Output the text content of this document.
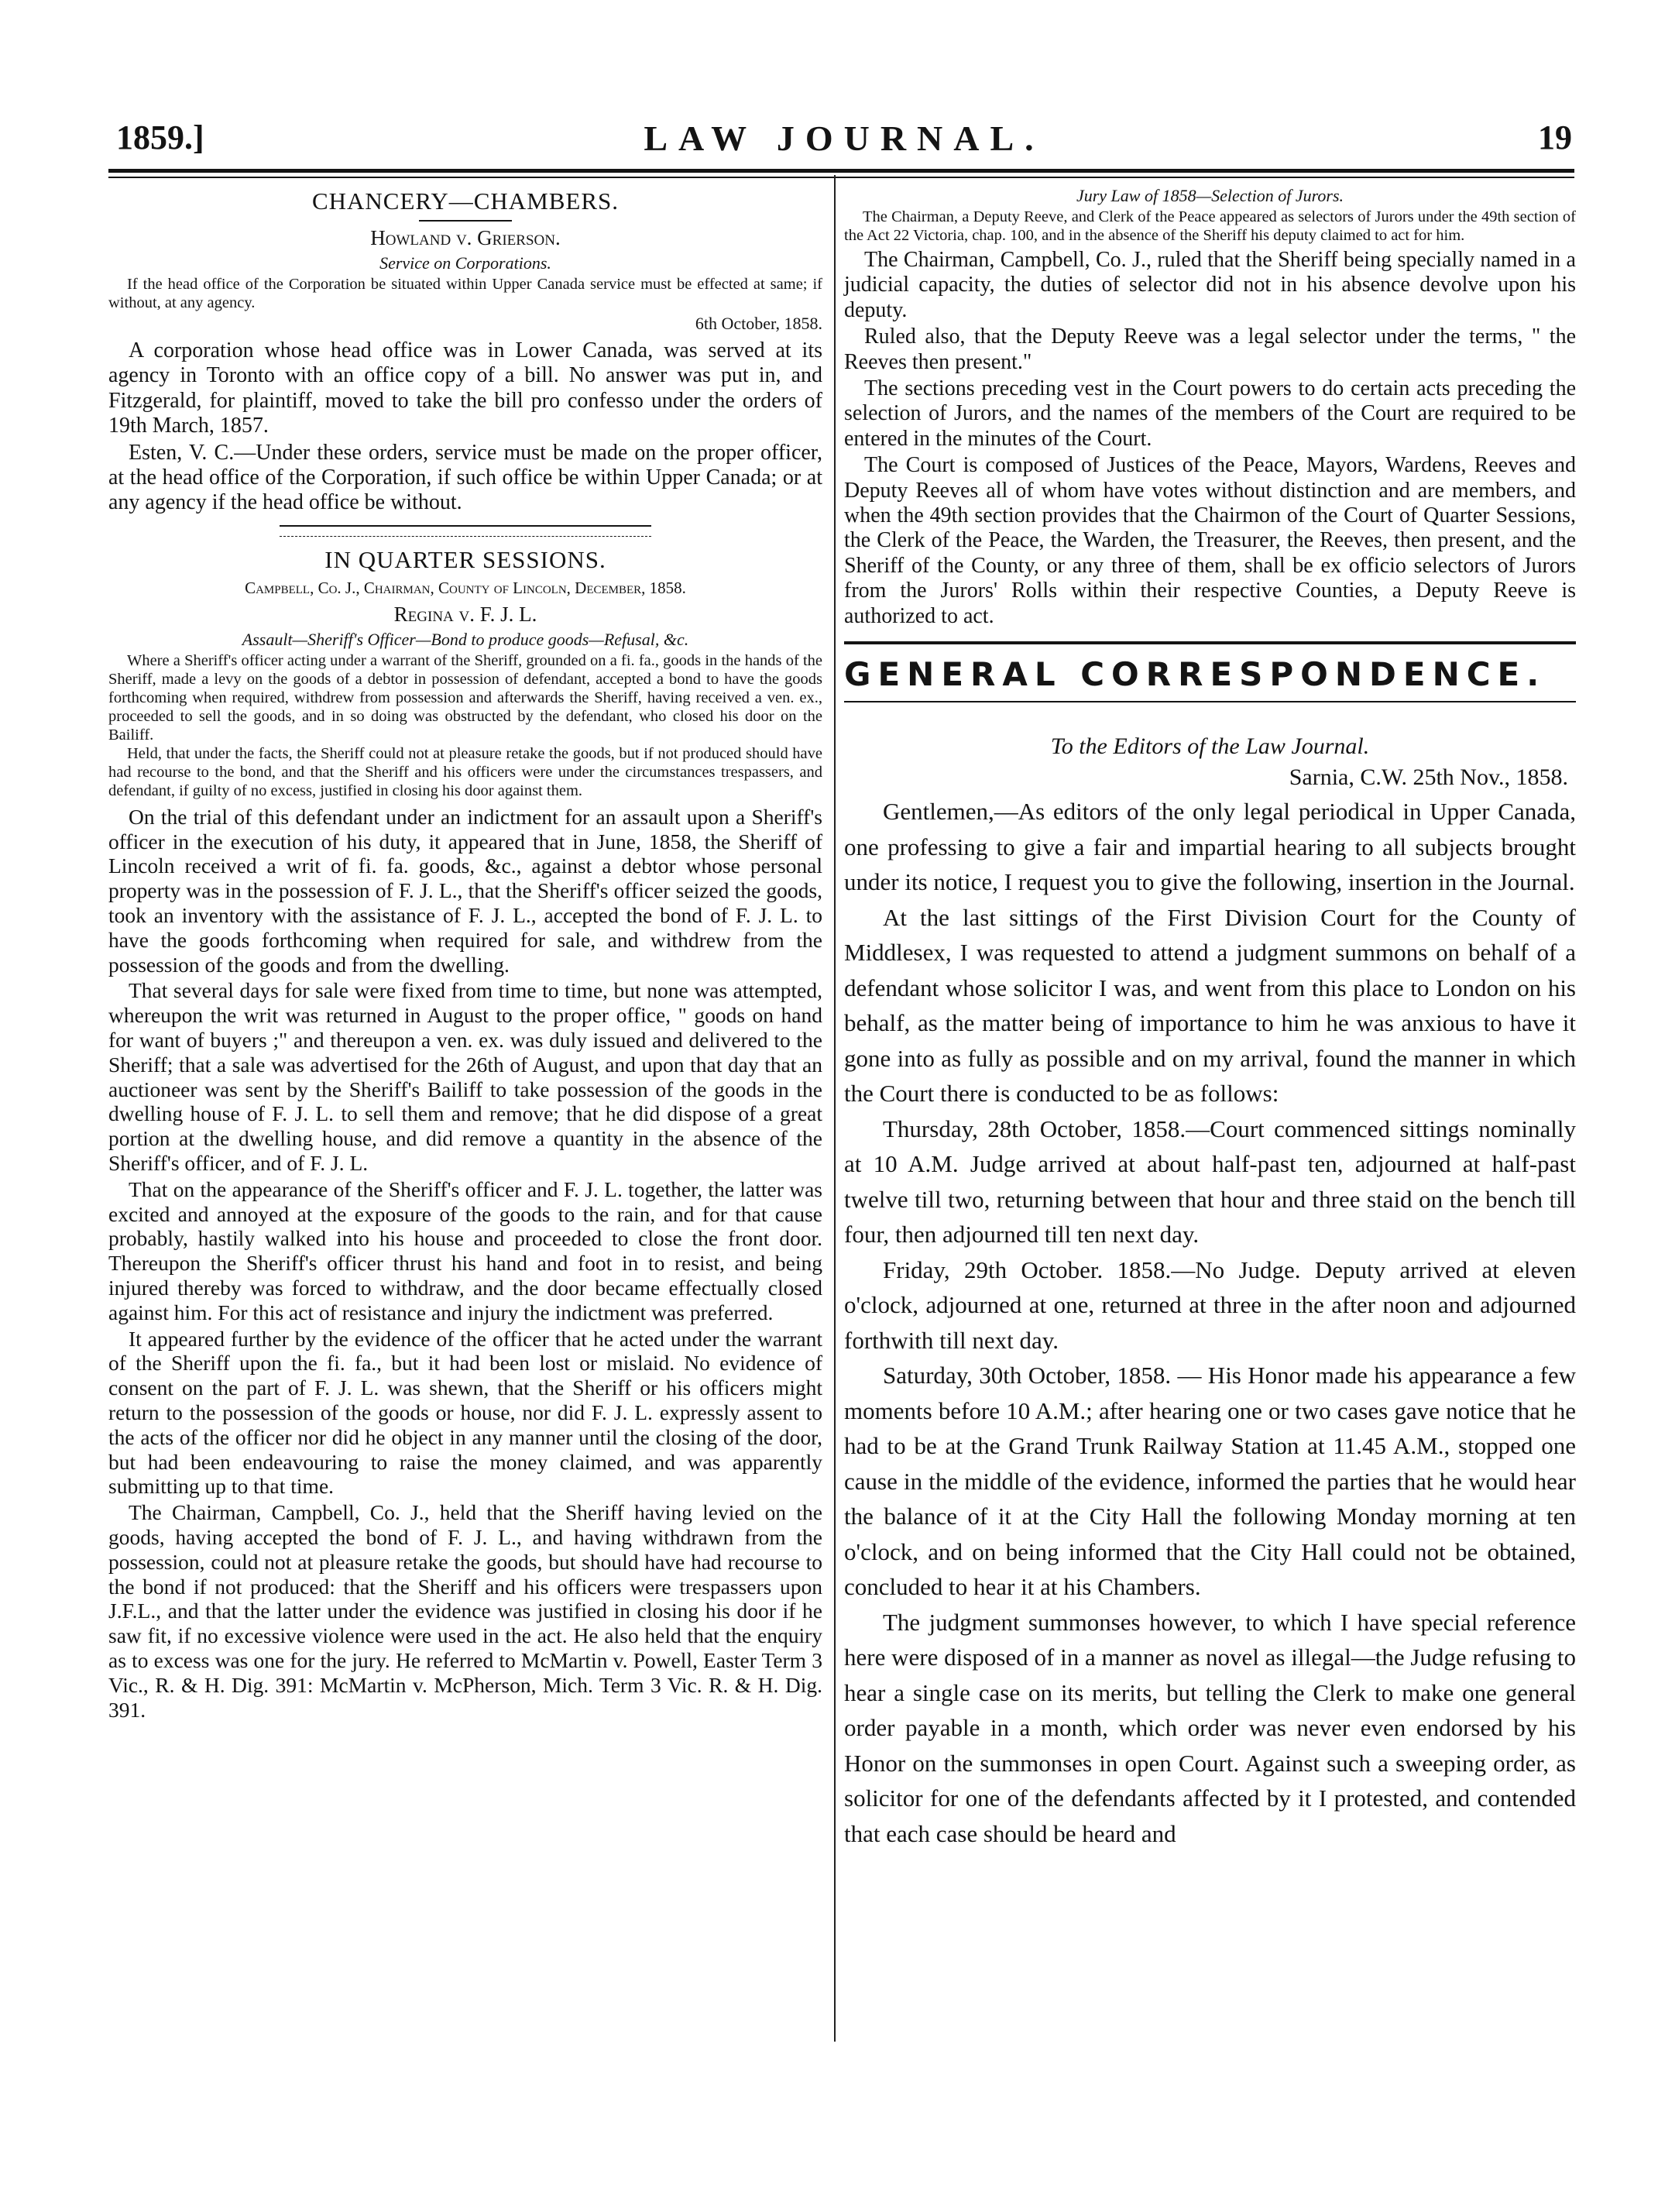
1859.]	LAW JOURNAL.	19
CHANCERY—CHAMBERS.
Howland v. Grierson.
Service on Corporations.

If the head office of the Corporation be situated within Upper Canada service must be effected at same; if without, at any agency.

6th October, 1858.

A corporation whose head office was in Lower Canada, was served at its agency in Toronto with an office copy of a bill. No answer was put in, and Fitzgerald, for plaintiff, moved to take the bill pro confesso under the orders of 19th March, 1857.

Esten, V. C.—Under these orders, service must be made on the proper officer, at the head office of the Corporation, if such office be within Upper Canada; or at any agency if the head office be without.

IN QUARTER SESSIONS.
Campbell, Co. J., Chairman, County of Lincoln, December, 1858.
Regina v. F. J. L.
Assault—Sheriff's Officer—Bond to produce goods—Refusal, &c.

Where a Sheriff's officer acting under a warrant of the Sheriff, grounded on a fi. fa., goods in the hands of the Sheriff, made a levy on the goods of a debtor in possession of defendant, accepted a bond to have the goods forthcoming when required, withdrew from possession and afterwards the Sheriff, having received a ven. ex., proceeded to sell the goods, and in so doing was obstructed by the defendant, who closed his door on the Bailiff.

Held, that under the facts, the Sheriff could not at pleasure retake the goods, but if not produced should have had recourse to the bond, and that the Sheriff and his officers were under the circumstances trespassers, and defendant, if guilty of no excess, justified in closing his door against them.

On the trial of this defendant under an indictment for an assault upon a Sheriff's officer in the execution of his duty, it appeared that in June, 1858, the Sheriff of Lincoln received a writ of fi. fa. goods, &c., against a debtor whose personal property was in the possession of F. J. L., that the Sheriff's officer seized the goods, took an inventory with the assistance of F. J. L., accepted the bond of F. J. L. to have the goods forthcoming when required for sale, and withdrew from the possession of the goods and from the dwelling.

That several days for sale were fixed from time to time, but none was attempted, whereupon the writ was returned in August to the proper office, " goods on hand for want of buyers ;" and thereupon a ven. ex. was duly issued and delivered to the Sheriff; that a sale was advertised for the 26th of August, and upon that day that an auctioneer was sent by the Sheriff's Bailiff to take possession of the goods in the dwelling house of F. J. L. to sell them and remove; that he did dispose of a great portion at the dwelling house, and did remove a quantity in the absence of the Sheriff's officer, and of F. J. L.

That on the appearance of the Sheriff's officer and F. J. L. together, the latter was excited and annoyed at the exposure of the goods to the rain, and for that cause probably, hastily walked into his house and proceeded to close the front door. Thereupon the Sheriff's officer thrust his hand and foot in to resist, and being injured thereby was forced to withdraw, and the door became effectually closed against him. For this act of resistance and injury the indictment was preferred.

It appeared further by the evidence of the officer that he acted under the warrant of the Sheriff upon the fi. fa., but it had been lost or mislaid. No evidence of consent on the part of F. J. L. was shewn, that the Sheriff or his officers might return to the possession of the goods or house, nor did F. J. L. expressly assent to the acts of the officer nor did he object in any manner until the closing of the door, but had been endeavouring to raise the money claimed, and was apparently submitting up to that time.

The Chairman, Campbell, Co. J., held that the Sheriff having levied on the goods, having accepted the bond of F. J. L., and having withdrawn from the possession, could not at pleasure retake the goods, but should have had recourse to the bond if not produced: that the Sheriff and his officers were trespassers upon J.F.L., and that the latter under the evidence was justified in closing his door if he saw fit, if no excessive violence were used in the act. He also held that the enquiry as to excess was one for the jury. He referred to McMartin v. Powell, Easter Term 3 Vic., R. & H. Dig. 391: McMartin v. McPherson, Mich. Term 3 Vic. R. & H. Dig. 391.

Jury Law of 1858—Selection of Jurors.

The Chairman, a Deputy Reeve, and Clerk of the Peace appeared as selectors of Jurors under the 49th section of the Act 22 Victoria, chap. 100, and in the absence of the Sheriff his deputy claimed to act for him.

The Chairman, Campbell, Co. J., ruled that the Sheriff being specially named in a judicial capacity, the duties of selector did not in his absence devolve upon his deputy.

Ruled also, that the Deputy Reeve was a legal selector under the terms, " the Reeves then present."

The sections preceding vest in the Court powers to do certain acts preceding the selection of Jurors, and the names of the members of the Court are required to be entered in the minutes of the Court.

The Court is composed of Justices of the Peace, Mayors, Wardens, Reeves and Deputy Reeves all of whom have votes without distinction and are members, and when the 49th section provides that the Chairmon of the Court of Quarter Sessions, the Clerk of the Peace, the Warden, the Treasurer, the Reeves, then present, and the Sheriff of the County, or any three of them, shall be ex officio selectors of Jurors from the Jurors' Rolls within their respective Counties, a Deputy Reeve is authorized to act.

GENERAL CORRESPONDENCE.
To the Editors of the Law Journal.
Sarnia, C.W. 25th Nov., 1858.

Gentlemen,—As editors of the only legal periodical in Upper Canada, one professing to give a fair and impartial hearing to all subjects brought under its notice, I request you to give the following, insertion in the Journal.

At the last sittings of the First Division Court for the County of Middlesex, I was requested to attend a judgment summons on behalf of a defendant whose solicitor I was, and went from this place to London on his behalf, as the matter being of importance to him he was anxious to have it gone into as fully as possible and on my arrival, found the manner in which the Court there is conducted to be as follows:

Thursday, 28th October, 1858.—Court commenced sittings nominally at 10 A.M. Judge arrived at about half-past ten, adjourned at half-past twelve till two, returning between that hour and three staid on the bench till four, then adjourned till ten next day.

Friday, 29th October. 1858.—No Judge. Deputy arrived at eleven o'clock, adjourned at one, returned at three in the after noon and adjourned forthwith till next day.

Saturday, 30th October, 1858. — His Honor made his appearance a few moments before 10 A.M.; after hearing one or two cases gave notice that he had to be at the Grand Trunk Railway Station at 11.45 A.M., stopped one cause in the middle of the evidence, informed the parties that he would hear the balance of it at the City Hall the following Monday morning at ten o'clock, and on being informed that the City Hall could not be obtained, concluded to hear it at his Chambers.

The judgment summonses however, to which I have special reference here were disposed of in a manner as novel as illegal—the Judge refusing to hear a single case on its merits, but telling the Clerk to make one general order payable in a month, which order was never even endorsed by his Honor on the summonses in open Court. Against such a sweeping order, as solicitor for one of the defendants affected by it I protested, and contended that each case should be heard and
